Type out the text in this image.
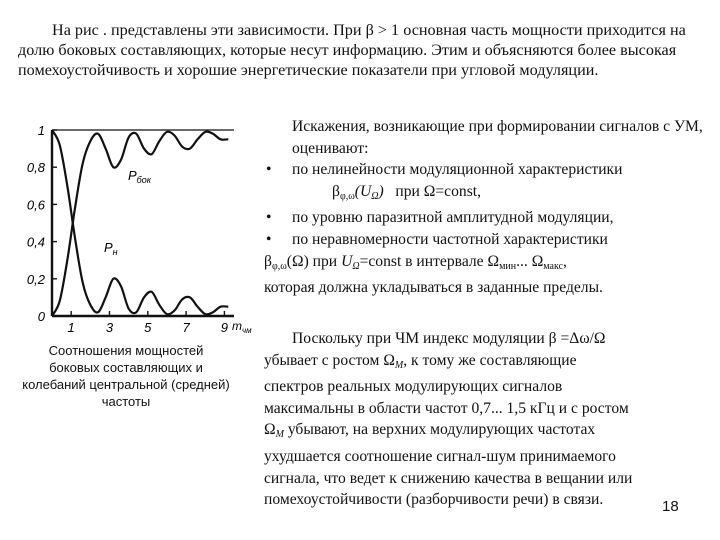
На рис . представлены эти зависимости. При β > 1 основная часть мощности приходится на долю боковых составляющих, которые несут информацию. Этим и объясняются более высокая помехоустойчивость и хорошие энергетические показатели при угловой модуляции.

0
0,2
0,4
0,6
0,8
1
1 3 5 7 9
$P_{бок}$
$P_н$
$m_{чм}$

Соотношения мощностей боковых составляющих и колебаний центральной (средней) частоты

Искажения, возникающие при формировании сигналов с УМ, оценивают:

• по нелинейности модуляционной характеристики

$\beta_{\varphi,\omega}(U_\Omega)$ при Ω=const,

• по уровню паразитной амплитудной модуляции,

• по неравномерности частотной характеристики

$\beta_{\varphi,\omega}(\Omega)$ при $U_\Omega=const$ в интервале $\Omega_{мин}$... $\Omega_{макс}$,

которая должна укладываться в заданные пределы.

Поскольку при ЧМ индекс модуляции β =Δω/Ω

убывает с ростом $\Omega_M$, к тому же составляющие

спектров реальных модулирующих сигналов

максимальны в области частот 0,7... 1,5 кГц и с ростом

$\Omega_M$ убывают, на верхних модулирующих частотах

ухудшается соотношение сигнал-шум принимаемого

сигнала, что ведет к снижению качества в вещании или

помехоустойчивости (разборчивости речи) в связи.	18
